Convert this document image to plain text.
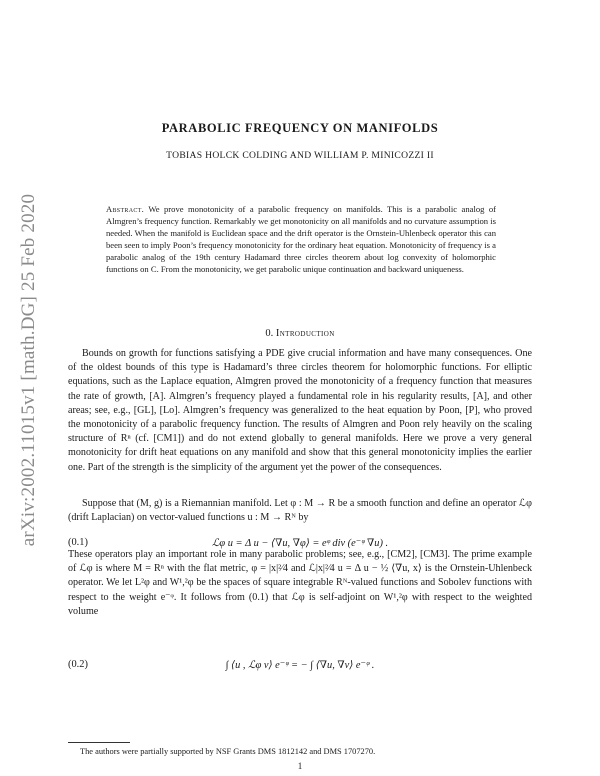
arXiv:2002.11015v1 [math.DG] 25 Feb 2020
PARABOLIC FREQUENCY ON MANIFOLDS
TOBIAS HOLCK COLDING AND WILLIAM P. MINICOZZI II
Abstract. We prove monotonicity of a parabolic frequency on manifolds. This is a parabolic analog of Almgren’s frequency function. Remarkably we get monotonicity on all manifolds and no curvature assumption is needed. When the manifold is Euclidean space and the drift operator is the Ornstein-Uhlenbeck operator this can been seen to imply Poon’s frequency monotonicity for the ordinary heat equation. Monotonicity of frequency is a parabolic analog of the 19th century Hadamard three circles theorem about log convexity of holomorphic functions on C. From the monotonicity, we get parabolic unique continuation and backward uniqueness.
0. Introduction
Bounds on growth for functions satisfying a PDE give crucial information and have many consequences. One of the oldest bounds of this type is Hadamard’s three circles theorem for holomorphic functions. For elliptic equations, such as the Laplace equation, Almgren proved the monotonicity of a frequency function that measures the rate of growth, [A]. Almgren’s frequency played a fundamental role in his regularity results, [A], and other areas; see, e.g., [GL], [Lo]. Almgren’s frequency was generalized to the heat equation by Poon, [P], who proved the monotonicity of a parabolic frequency function. The results of Almgren and Poon rely heavily on the scaling structure of Rⁿ (cf. [CM1]) and do not extend globally to general manifolds. Here we prove a very general monotonicity for drift heat equations on any manifold and show that this general monotonicity implies the earlier one. Part of the strength is the simplicity of the argument yet the power of the consequences.
Suppose that (M, g) is a Riemannian manifold. Let φ : M → R be a smooth function and define an operator ℒφ (drift Laplacian) on vector-valued functions u : M → Rᴺ by
(0.1)	ℒφ u = Δ u − ⟨∇u, ∇φ⟩ = eᵠ div (e⁻ᵠ ∇u) .
These operators play an important role in many parabolic problems; see, e.g., [CM2], [CM3]. The prime example of ℒφ is where M = Rⁿ with the flat metric, φ = |x|²⁄4 and ℒ|x|²⁄4 u = Δ u − ½ ⟨∇u, x⟩ is the Ornstein-Uhlenbeck operator. We let L²φ and W¹,²φ be the spaces of square integrable Rᴺ-valued functions and Sobolev functions with respect to the weight e⁻ᵠ. It follows from (0.1) that ℒφ is self-adjoint on W¹,²φ with respect to the weighted volume
(0.2)	∫ ⟨u , ℒφ v⟩ e⁻ᵠ = − ∫ ⟨∇u, ∇v⟩ e⁻ᵠ .
The authors were partially supported by NSF Grants DMS 1812142 and DMS 1707270.
1
